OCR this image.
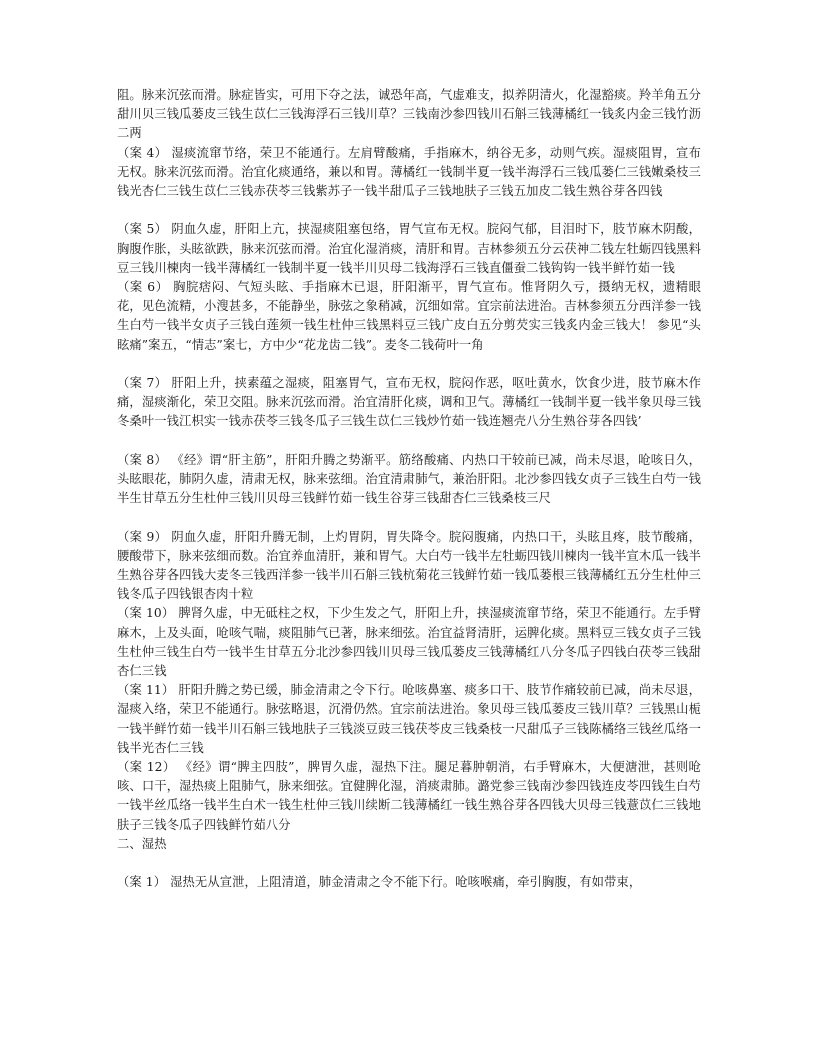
阻。脉来沉弦而滑。脉症皆实，可用下夺之法，诚恐年高，气虚难支，拟养阴清火，化湿豁痰。羚羊角五分甜川贝三钱瓜蒌皮三钱生苡仁三钱海浮石三钱川草？三钱南沙参四钱川石斛三钱薄橘红一钱炙内金三钱竹沥二两

（案 4） 湿痰流窜节络，荣卫不能通行。左肩臂酸痛，手指麻木，纳谷无多，动则气疾。湿痰阻胃，宣布无权。脉来沉弦而滑。治宜化痰通络，兼以和胃。薄橘红一钱制半夏一钱半海浮石三钱瓜蒌仁三钱嫩桑枝三钱光杏仁三钱生苡仁三钱赤茯苓三钱紫苏子一钱半甜瓜子三钱地肤子三钱五加皮二钱生熟谷芽各四钱

（案 5） 阴血久虚，肝阳上亢，挟湿痰阻塞包络，胃气宣布无权。脘闷气郁，目泪时下，肢节麻木阴酸，胸腹作胀，头眩欲跌，脉来沉弦而滑。治宜化湿消痰，清肝和胃。吉林参须五分云茯神二钱左牡蛎四钱黑料豆三钱川楝肉一钱半薄橘红一钱制半夏一钱半川贝母二钱海浮石三钱直僵蚕二钱钩钩一钱半鲜竹茹一钱

（案 6） 胸脘痞闷、气短头眩、手指麻木已退，肝阳渐平，胃气宣布。惟肾阴久亏，摄纳无权，遗精眼花，见色流精，小溲甚多，不能静坐，脉弦之象稍减，沉细如常。宜宗前法进治。吉林参须五分西洋参一钱生白芍一钱半女贞子三钱白莲须一钱生杜仲三钱黑料豆三钱广皮白五分剪芡实三钱炙内金三钱大！ 参见“头眩痛”案五，“情志”案七，方中少“花龙齿二钱”。麦冬二钱荷叶一角

（案 7） 肝阳上升，挟素蕴之湿痰，阻塞胃气，宣布无权，脘闷作恶，呕吐黄水，饮食少进，肢节麻木作痛，湿痰渐化，荣卫交阻。脉来沉弦而滑。治宜清肝化痰，调和卫气。薄橘红一钱制半夏一钱半象贝母三钱冬桑叶一钱江枳实一钱赤茯苓三钱冬瓜子三钱生苡仁三钱炒竹茹一钱连翘壳八分生熟谷芽各四钱’

（案 8） 《经》谓“肝主筋”，肝阳升腾之势渐平。筋络酸痛、内热口干较前已减，尚未尽退，呛咳日久，头眩眼花，肺阴久虚，清肃无权，脉来弦细。治宜清肃肺气，兼治肝阳。北沙参四钱女贞子三钱生白芍一钱半生甘草五分生杜仲三钱川贝母三钱鲜竹茹一钱生谷芽三钱甜杏仁三钱桑枝三尺

（案 9） 阴血久虚，肝阳升腾无制，上灼胃阴，胃失降令。脘闷腹痛，内热口干，头眩且疼，肢节酸痛，腰酸带下，脉来弦细而数。治宜养血清肝，兼和胃气。大白芍一钱半左牡蛎四钱川楝肉一钱半宣木瓜一钱半生熟谷芽各四钱大麦冬三钱西洋参一钱半川石斛三钱杭菊花三钱鲜竹茹一钱瓜蒌根三钱薄橘红五分生杜仲三钱冬瓜子四钱银杏肉十粒

（案 10） 脾肾久虚，中无砥柱之权，下少生发之气，肝阳上升，挟湿痰流窜节络，荣卫不能通行。左手臂麻木，上及头面，呛咳气喘，痰阻肺气已著，脉来细弦。治宜益肾清肝，运脾化痰。黑料豆三钱女贞子三钱生杜仲三钱生白芍一钱半生甘草五分北沙参四钱川贝母三钱瓜蒌皮三钱薄橘红八分冬瓜子四钱白茯苓三钱甜杏仁三钱

（案 11） 肝阳升腾之势已缓，肺金清肃之令下行。呛咳鼻塞、痰多口干、肢节作痛较前已减，尚未尽退，湿痰入络，荣卫不能通行。脉弦略退，沉滑仍然。宜宗前法进治。象贝母三钱瓜蒌皮三钱川草？三钱黑山栀一钱半鲜竹茹一钱半川石斛三钱地肤子三钱淡豆豉三钱茯苓皮三钱桑枝一尺甜瓜子三钱陈橘络三钱丝瓜络一钱半光杏仁三钱

（案 12） 《经》谓“脾主四肢”，脾胃久虚，湿热下注。腿足暮肿朝消，右手臂麻木，大便溏泄，甚则呛咳、口干，湿热痰上阻肺气，脉来细弦。宜健脾化湿，消痰肃肺。潞党参三钱南沙参四钱连皮苓四钱生白芍一钱半丝瓜络一钱半生白术一钱生杜仲三钱川续断二钱薄橘红一钱生熟谷芽各四钱大贝母三钱薏苡仁三钱地肤子三钱冬瓜子四钱鲜竹茹八分

二、湿热

（案 1） 湿热无从宣泄，上阻清道，肺金清肃之令不能下行。呛咳喉痛，牵引胸腹，有如带束，
